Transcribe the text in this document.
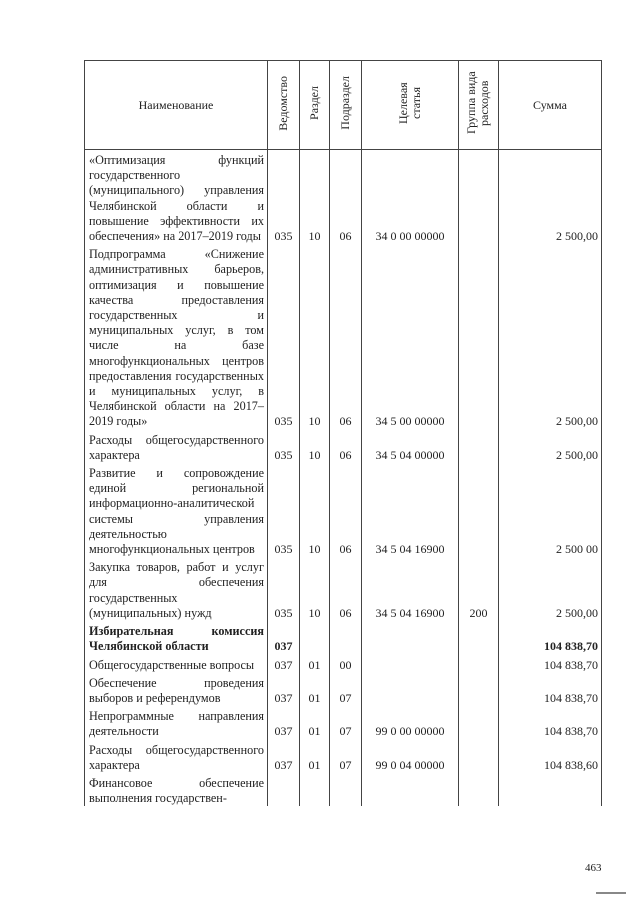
Наименование	Ведомство	Раздел	Подраздел	Целевая статья	Группа вида расходов	Сумма
«Оптимизация функций государственного (муниципального) управления Челябинской области и повышение эффективности их обеспечения» на 2017–2019 годы	035	10	06	34 0 00 00000		2 500,00
Подпрограмма «Снижение административных барьеров, оптимизация и повышение качества предоставления государственных и муниципальных услуг, в том числе на базе многофункциональных центров предоставления государственных и муниципальных услуг, в Челябинской области на 2017–2019 годы»	035	10	06	34 5 00 00000		2 500,00
Расходы общегосударственного характера	035	10	06	34 5 04 00000		2 500,00
Развитие и сопровождение единой региональной информационно-аналитической системы управления деятельностью многофункциональных центров	035	10	06	34 5 04 16900		2 500 00
Закупка товаров, работ и услуг для обеспечения государственных (муниципальных) нужд	035	10	06	34 5 04 16900	200	2 500,00
Избирательная комиссия Челябинской области	037					104 838,70
Общегосударственные вопросы	037	01	00			104 838,70
Обеспечение проведения выборов и референдумов	037	01	07			104 838,70
Непрограммные направления деятельности	037	01	07	99 0 00 00000		104 838,70
Расходы общегосударственного характера	037	01	07	99 0 04 00000		104 838,60
Финансовое обеспечение выполнения государствен-						
463
